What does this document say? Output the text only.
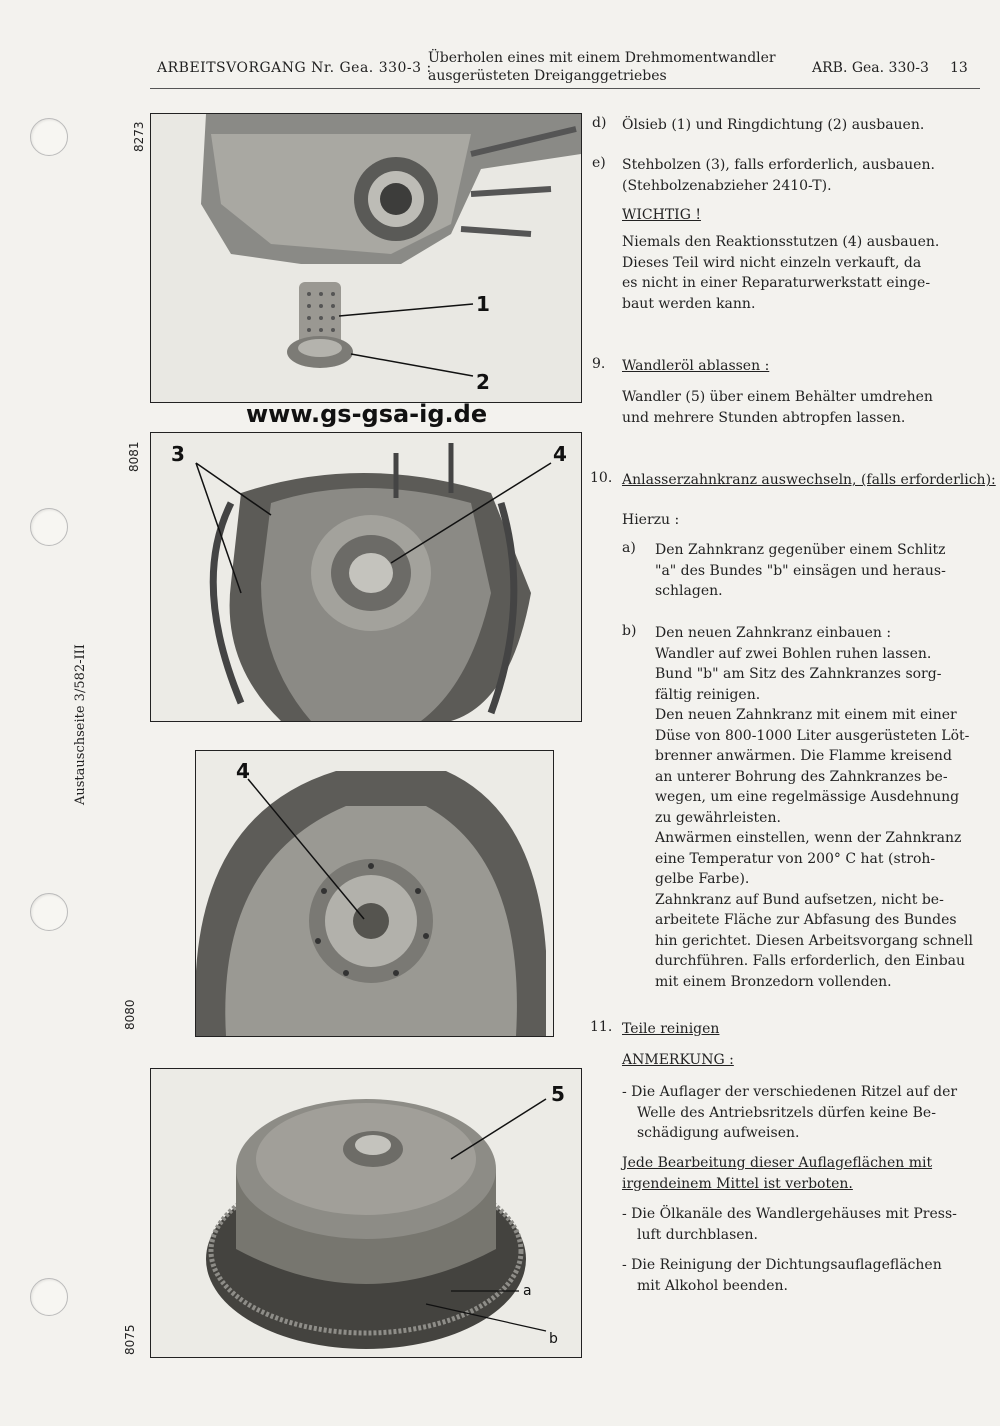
ARBEITSVORGANG Nr. Gea. 330-3 :
Überholen eines mit einem Drehmomentwandler
ausgerüsteten Dreiganggetriebes	ARB. Gea. 330-3 13
Austauschseite 3/582-III
8273
8081
8080
8075
1
2
www.gs-gsa-ig.de
3	4
4
5
a
b
d) Ölsieb (1) und Ringdichtung (2) ausbauen.
e) Stehbolzen (3), falls erforderlich, ausbauen.
(Stehbolzenabzieher 2410-T).
WICHTIG !
Niemals den Reaktionsstutzen (4) ausbauen.
Dieses Teil wird nicht einzeln verkauft, da
es nicht in einer Reparaturwerkstatt einge-
baut werden kann.
9. Wandleröl ablassen :
Wandler (5) über einem Behälter umdrehen
und mehrere Stunden abtropfen lassen.
10. Anlasserzahnkranz auswechseln, (falls erforderlich):
Hierzu :
a) Den Zahnkranz gegenüber einem Schlitz
"a" des Bundes "b" einsägen und heraus-
schlagen.
b) Den neuen Zahnkranz einbauen :
Wandler auf zwei Bohlen ruhen lassen.
Bund "b" am Sitz des Zahnkranzes sorg-
fältig reinigen.
Den neuen Zahnkranz mit einem mit einer
Düse von 800-1000 Liter ausgerüsteten Löt-
brenner anwärmen. Die Flamme kreisend
an unterer Bohrung des Zahnkranzes be-
wegen, um eine regelmässige Ausdehnung
zu gewährleisten.
Anwärmen einstellen, wenn der Zahnkranz
eine Temperatur von 200° C hat (stroh-
gelbe Farbe).
Zahnkranz auf Bund aufsetzen, nicht be-
arbeitete Fläche zur Abfasung des Bundes
hin gerichtet. Diesen Arbeitsvorgang schnell
durchführen. Falls erforderlich, den Einbau
mit einem Bronzedorn vollenden.
11. Teile reinigen
ANMERKUNG :
- Die Auflager der verschiedenen Ritzel auf der
Welle des Antriebsritzels dürfen keine Be-
schädigung aufweisen.
Jede Bearbeitung dieser Auflageflächen mit
irgendeinem Mittel ist verboten.
- Die Ölkanäle des Wandlergehäuses mit Press-
luft durchblasen.
- Die Reinigung der Dichtungsauflageflächen
mit Alkohol beenden.
